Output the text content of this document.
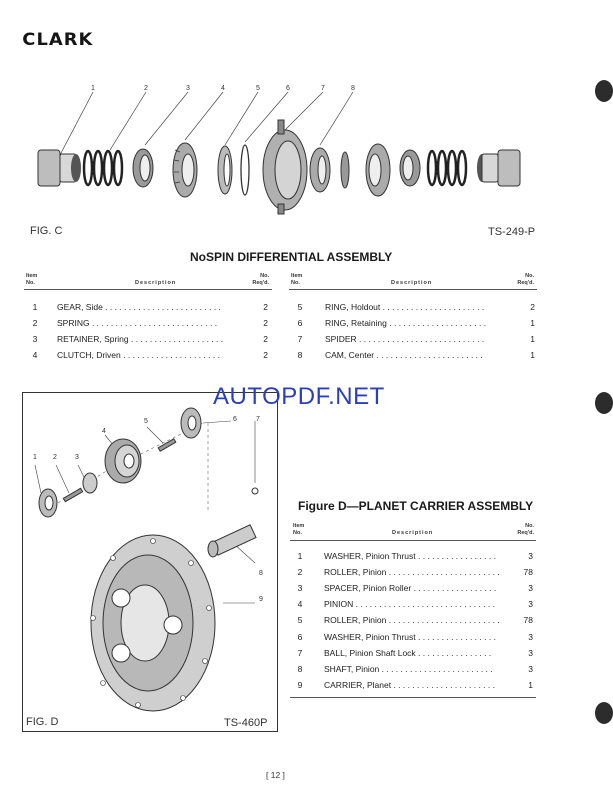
CLARK
1	2	3	4	5	6	7	8
FIG. C	TS-249-P
NoSPIN DIFFERENTIAL ASSEMBLY
Item
No.	Description
No.
Req'd.
Item
No.	Description
No.
Req'd.
1	GEAR, Side . . . . . . . . . . . . . . . . . . . . . . . . .	2
2	SPRING . . . . . . . . . . . . . . . . . . . . . . . . . . .	2
3	RETAINER, Spring . . . . . . . . . . . . . . . . . . . .	2
4	CLUTCH, Driven . . . . . . . . . . . . . . . . . . . . .	2
5	RING, Holdout . . . . . . . . . . . . . . . . . . . . . .	2
6	RING, Retaining . . . . . . . . . . . . . . . . . . . . .	1
7	SPIDER . . . . . . . . . . . . . . . . . . . . . . . . . . .	1
8	CAM, Center . . . . . . . . . . . . . . . . . . . . . . .	1
1 2	3
4
5	6	7
8
9
FIG. D	TS-460P
AUTOPDF.NET
Figure D—PLANET CARRIER ASSEMBLY
Item
No.	Description
No.
Req'd.
1	WASHER, Pinion Thrust . . . . . . . . . . . . . . . . .	3
2	ROLLER, Pinion . . . . . . . . . . . . . . . . . . . . . . . .	78
3	SPACER, Pinion Roller . . . . . . . . . . . . . . . . . .	3
4	PINION . . . . . . . . . . . . . . . . . . . . . . . . . . . . . .	3
5	ROLLER, Pinion . . . . . . . . . . . . . . . . . . . . . . . .	78
6	WASHER, Pinion Thrust . . . . . . . . . . . . . . . . .	3
7	BALL, Pinion Shaft Lock . . . . . . . . . . . . . . . .	3
8	SHAFT, Pinion . . . . . . . . . . . . . . . . . . . . . . . .	3
9	CARRIER, Planet . . . . . . . . . . . . . . . . . . . . . .	1
[ 12 ]
